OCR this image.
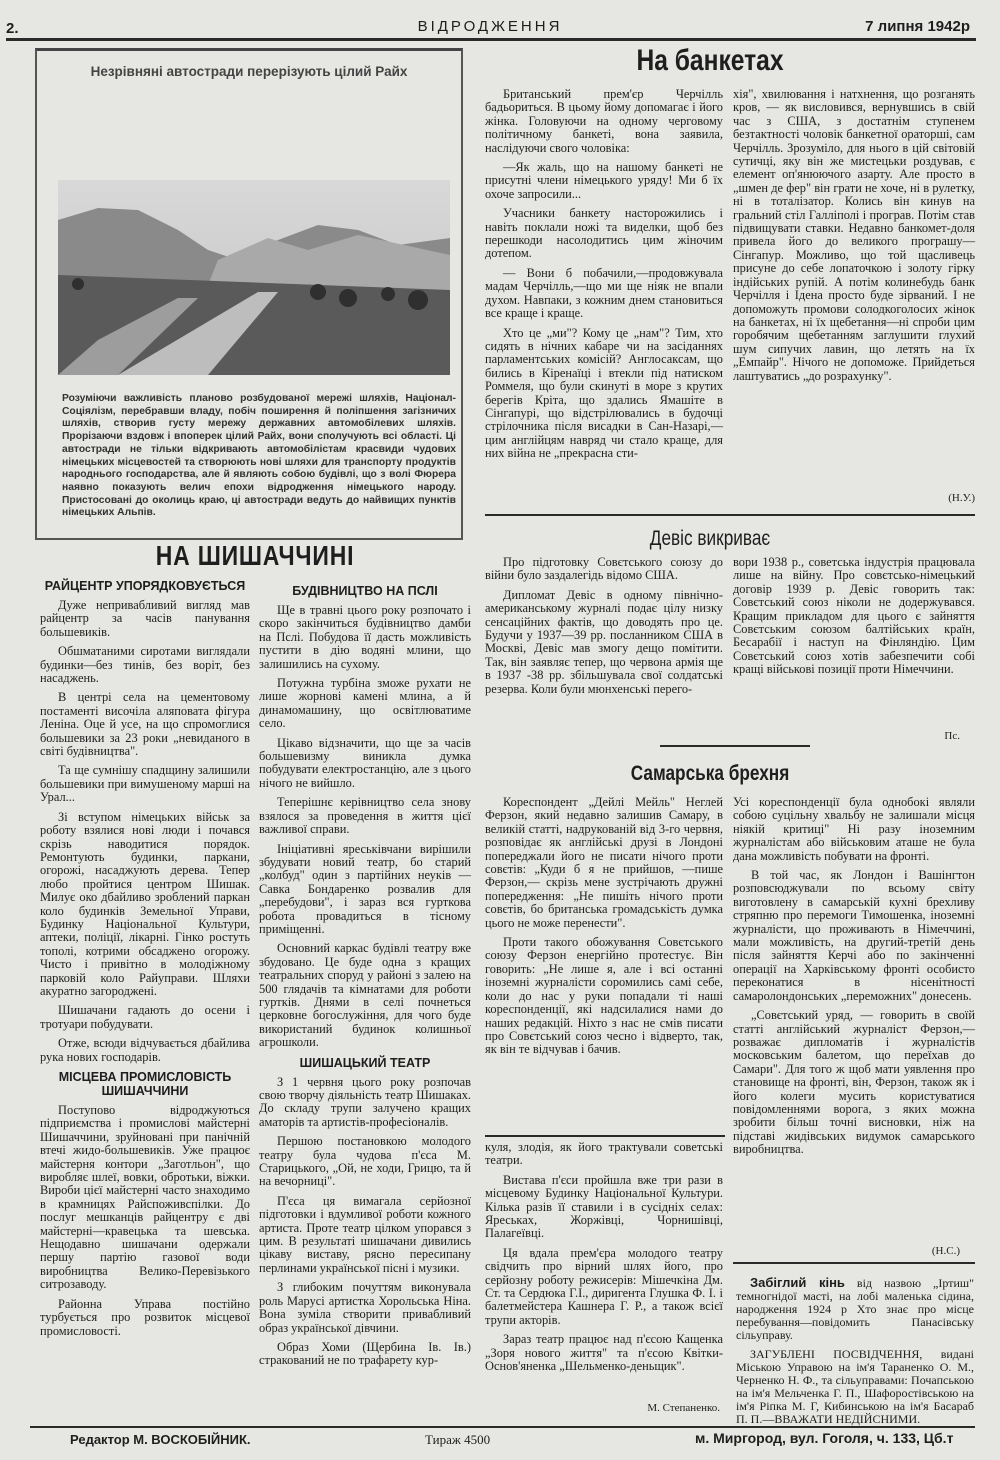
2.	ВІДРОДЖЕННЯ	7 липня 1942р
Незрівняні автостради перерізують цілий Райх
Розуміючи важливість планово розбудованої мережі шляхів, Націонал-Соціялізм, перебравши владу, побіч поширення й поліпшення загізничих шляхів, створив густу мережу державних автомобілевих шляхів. Прорізаючи вздовж і впоперек цілий Райх, вони сполучують всі області. Ці автостради не тільки відкривають автомобілістам красвиди чудових німецьких місцевостей та створюють нові шляхи для транспорту продуктів народнього господарства, але й являють собою будівлі, що з волі Фюрера наявно показують велич епохи відродження німецького народу. Пристосовані до околиць краю, ці автостради ведуть до найвищих пунктів німецьких Альпів.
На банкетах

Британський прем'єр Черчілль бадьориться. В цьому йому допомагає і його жінка. Головуючи на одному черговому політичному банкеті, вона заявила, наслідуючи свого чоловіка:

—Як жаль, що на нашому банкеті не присутні члени німецького уряду! Ми б їх охоче запросили...

Учасники банкету насторожились і навіть поклали ножі та виделки, щоб без перешкоди насолодитись цим жіночим дотепом.

— Вони б побачили,—продовжувала мадам Черчілль,—що ми ще ніяк не впали духом. Навпаки, з кожним днем становиться все краще і краще.

Хто це „ми"? Кому це „нам"? Тим, хто сидять в нічних кабаре чи на засіданнях парламентських комісій? Англосаксам, що бились в Кіренаїці і втекли під натиском Роммеля, що були скинуті в море з крутих берегів Кріта, що здались Ямашіте в Сінгапурі, що відстрілювались в будочці стрілочника після висадки в Сан-Назарі,—цим англійцям навряд чи стало краще, для них війна не „прекрасна сти-

хія", хвилювання і натхнення, що розганять кров, — як висловився, вернувшись в свій час з США, з достатнім ступенем безтактності чоловік банкетної ораторші, сам Черчілль. Зрозуміло, для нього в цій світовій сутичці, яку він же мистецьки роздував, є елемент оп'янюючого азарту. Але просто в „шмен де фер" він грати не хоче, ні в рулетку, ні в тоталізатор. Колись він кинув на гральний стіл Галліполі і програв. Потім став підвищувати ставки. Недавно банкомет-доля привела його до великого програшу—Сінгапур. Можливо, що той щасливець присуне до себе лопаточкою і золоту гірку індійських рупій. А потім колинебудь банк Черчілля і Ідена просто буде зірваний. І не допоможуть промови солодкоголосих жінок на банкетах, ні їх щебетання—ні спроби цим горобячим щебетанням заглушити глухий шум сипучих лавин, що летять на їх „Емпайр". Нічого не допоможе. Прийдеться лаштуватись „до розрахунку".

(Н.У.)
Девіс викриває

Про підготовку Совєтського союзу до війни було заздалегідь відомо США.

Дипломат Девіс в одному північно-американському журналі подає цілу низку сенсаційних фактів, що доводять про це. Будучи у 1937—39 рр. посланником США в Москві, Девіс мав змогу дещо помітити. Так, він заявляє тепер, що червона армія ще в 1937 -38 рр. збільшувала свої солдатські резерва. Коли були мюнхенські перего-

вори 1938 р., советська індустрія працювала лише на війну. Про совєтсько-німецький договір 1939 р. Девіс говорить так: Совєтський союз ніколи не додержувався. Кращим прикладом для цього є зайняття Совєтським союзом балтійських країн, Бесарабії і наступ на Фінляндію. Цим Совєтський союз хотів забезпечити собі кращі військові позиції проти Німеччини.

Пс.
Самарська брехня

Кореспондент „Дейлі Мейль" Неглей Ферзон, який недавно залишив Самару, в великій статті, надрукованій від 3-го червня, розповідає як англійські друзі в Лондоні попереджали його не писати нічого проти совєтів: „Куди б я не прийшов, —пише Ферзон,— скрізь мене зустрічають дружні попередження: „Не пишіть нічого проти совєтів, бо британська громадськість думка цього не може перенести".

Проти такого обожування Совєтського союзу Ферзон енергійно протестує. Він говорить: „Не лише я, але і всі останні іноземні журналісти соромились самі себе, коли до нас у руки попадали ті наші кореспонденції, які надсилалися нами до наших редакцій. Ніхто з нас не смів писати про Совєтський союз чесно і відверто, так, як він те відчував і бачив.

Усі кореспонденції була однобокі являли собою суцільну хвальбу не залишали місця ніякій критиці" Ні разу іноземним журналістам або військовим аташе не була дана можливість побувати на фронті.

В той час, як Лондон і Вашінгтон розповсюджували по всьому світу виготовлену в самарській кухні брехливу стряпню про перемоги Тимошенка, іноземні журналісти, що проживають в Німеччині, мали можливість, на другий-третій день після зайняття Керчі або по закінченні операції на Харківському фронті особисто переконатися в нісенітності самаролондонських „переможних" донесень.

„Совєтський уряд, — говорить в своїй статті англійський журналіст Ферзон,—розважає дипломатів і журналістів московським балетом, що переїхав до Самари". Для того ж щоб мати уявлення про становище на фронті, він, Ферзон, також як і його колеги мусить користуватися повідомленнями ворога, з яких можна зробити більш точні висновки, ніж на підставі жидівських видумок самарського виробництва.

(Н.С.)

куля, злодія, як його трактували советські театри.

Вистава п'єси пройшла вже три рази в місцевому Будинку Національної Культури. Кілька разів її ставили і в сусідніх селах: Яреськах, Жоржівці, Чорнишівці, Палагеївці.

Ця вдала прем'єра молодого театру свідчить про вірний шлях його, про серйозну роботу режисерів: Мішечкіна Дм. Ст. та Сердюка Г.І., диригента Глушка Ф. І. і балетмейстера Кашнера Г. Р., а також всієї трупи акторів.

Зараз театр працює над п'єсою Кащенка „Зоря нового життя" та п'єсою Квітки-Основ'яненка „Шельменко-деньщик".

М. Степаненко.

Забіглий кінь від назвою „Іртиш" темногнідої масті, на лобі маленька сідина, народження 1924 р Хто знає про місце перебування—повідомить Панасівську сільуправу.

ЗАГУБЛЕНІ ПОСВІДЧЕННЯ, видані Міською Управою на ім'я Тараненко О. М., Черненко Н. Ф., та сільуправами: Почапською на ім'я Мельченка Г. П., Шафоростівською на ім'я Ріпка М. Г, Кибинською на ім'я Басараб П. П.—ВВАЖАТИ НЕДІЙСНИМИ.

НА ШИШАЧЧИНІ
РАЙЦЕНТР УПОРЯДКОВУЄТЬСЯ

Дуже непривабливий вигляд мав райцентр за часів панування большевиків.

Обшматаними сиротами виглядали будинки—без тинів, без воріт, без насаджень.

В центрі села на цементовому постаменті височіла аляповата фігура Леніна. Оце й усе, на що спромоглися большевики за 23 роки „невиданого в світі будівництва".

Та ще сумнішу спадщину залишили большевики при вимушеному марші на Урал...

Зі вступом німецьких військ за роботу взялися нові люди і почався скрізь наводитися порядок. Ремонтують будинки, паркани, огорожі, насаджують дерева. Тепер любо пройтися центром Шишак. Милує око дбайливо зроблений паркан коло будинків Земельної Управи, Будинку Національної Культури, аптеки, поліції, лікарні. Гінко ростуть тополі, котрими обсаджено огорожу. Чисто і привітно в молодіжному парковій коло Райуправи. Шляхи акуратно загороджені.

Шишачани гадають до осени і тротуари побудувати.

Отже, всюди відчувається дбайлива рука нових господарів.

МІСЦЕВА ПРОМИСЛОВІСТЬ ШИШАЧЧИНИ

Поступово відроджуються підприємства і промислові майстерні Шишаччини, зруйновані при панічній втечі жидо-большевиків. Уже працює майстерня контори „Заготльон", що виробляє шлеї, вовки, обротьки, віжки. Вироби цієї майстерні часто знаходимо в крамницях Райспоживспілки. До послуг мешканців райцентру є дві майстерні—кравецька та шевська. Нещодавно шишачани одержали першу партію газової води виробництва Велико-Перевізького ситрозаводу.

Районна Управа постійно турбується про розвиток місцевої промисловості.

БУДІВНИЦТВО НА ПСЛІ

Ще в травні цього року розпочато і скоро закінчиться будівництво дамби на Пслі. Побудова її дасть можливість пустити в дію водяні млини, що залишились на сухому.

Потужна турбіна зможе рухати не лише жорнові камені млина, а й динамомашину, що освітлюватиме село.

Цікаво відзначити, що ще за часів большевизму виникла думка побудувати електростанцію, але з цього нічого не вийшло.

Теперішнє керівництво села знову взялося за проведення в життя цієї важливої справи.

Ініціативні яреськівчани вирішили збудувати новий театр, бо старий „колбуд" один з партійних неуків —Савка Бондаренко розвалив для „перебудови", і зараз вся гурткова робота провадиться в тісному приміщенні.

Основний каркас будівлі театру вже збудовано. Це буде одна з кращих театральних споруд у районі з залею на 500 глядачів та кімнатами для роботи гуртків. Днями в селі почнеться церковне богослужіння, для чого буде використаний будинок колишньої агрошколи.

ШИШАЦЬКИЙ ТЕАТР

З 1 червня цього року розпочав свою творчу діяльність театр Шишаках. До складу трупи залучено кращих аматорів та артистів-професіоналів.

Першою постановкою молодого театру була чудова п'єса М. Старицького, „Ой, не ходи, Грицю, та й на вечорниці".

П'єса ця вимагала серйозної підготовки і вдумливої роботи кожного артиста. Проте театр цілком упорався з цим. В результаті шишачани дивились цікаву виставу, рясно пересипану перлинами української пісні і музики.

З глибоким почуттям виконувала роль Марусі артистка Хорольська Ніна. Вона зуміла створити привабливий образ української дівчини.

Образ Хоми (Щербина Ів. Ів.) стракований не по трафарету кур-

Редактор М. ВОСКОБІЙНИК.	Тираж 4500	м. Миргород, вул. Гоголя, ч. 133, Цб.т
